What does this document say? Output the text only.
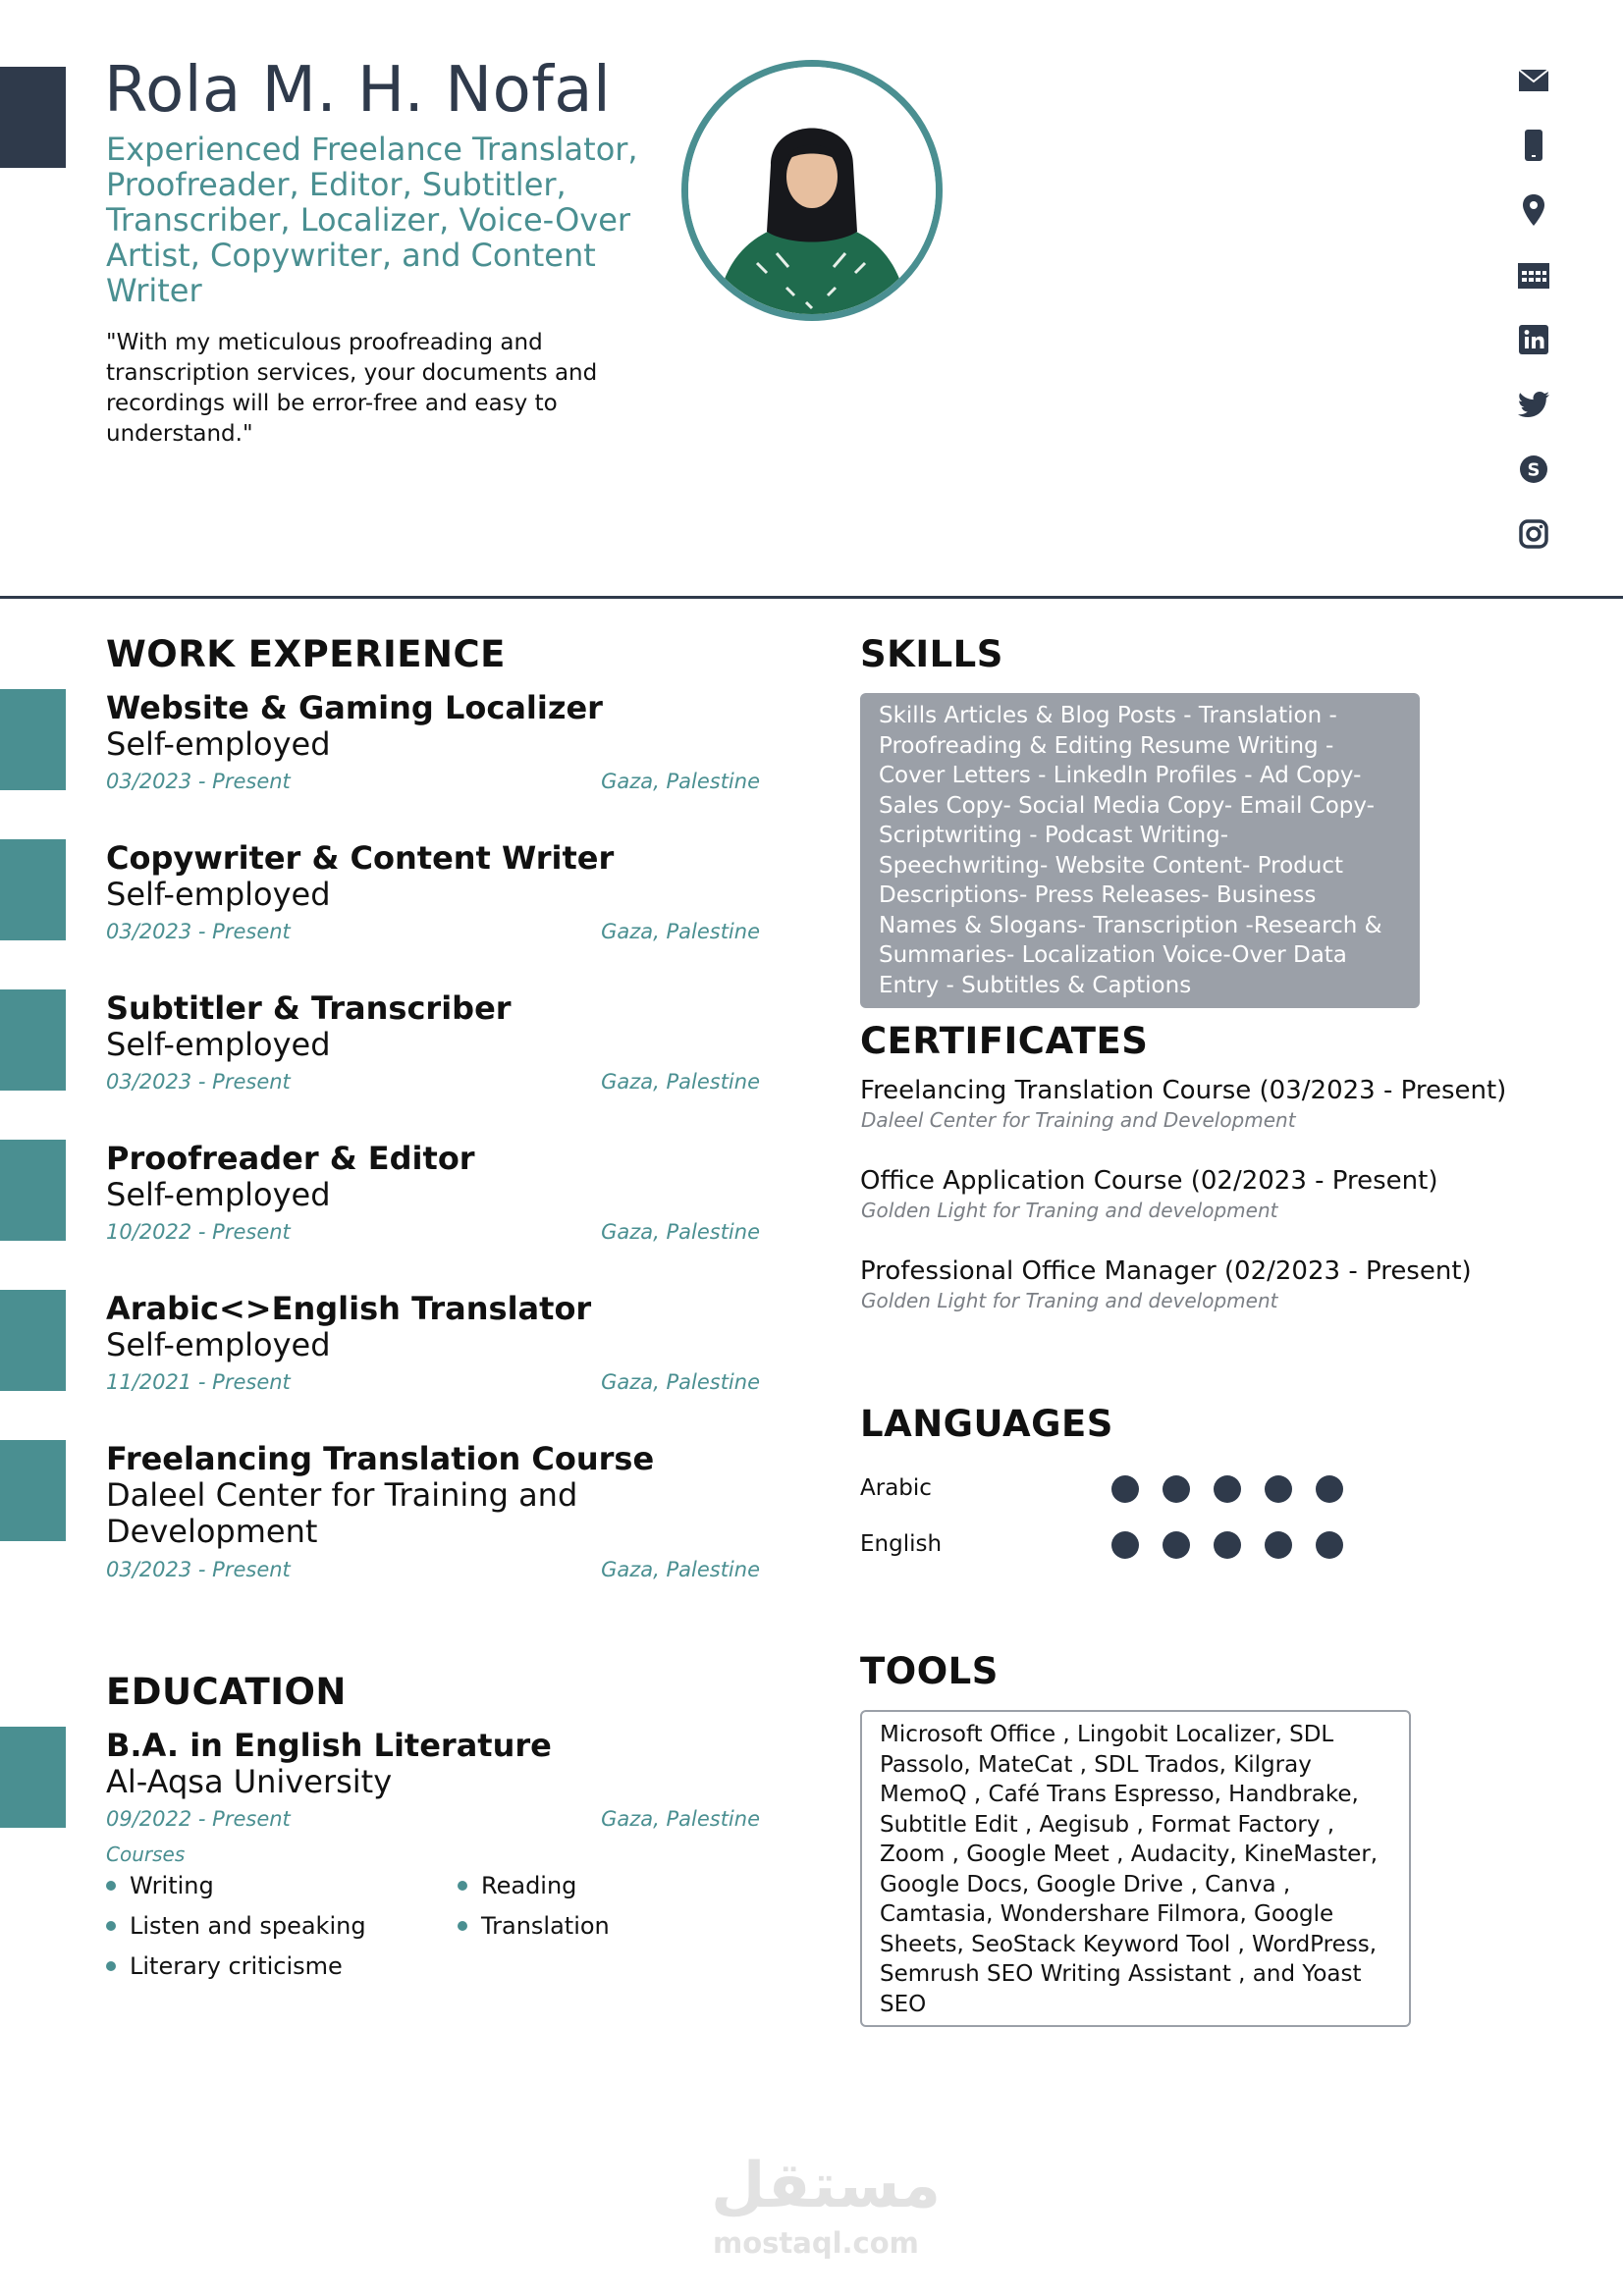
Rola M. H. Nofal
Experienced Freelance Translator, Proofreader, Editor, Subtitler, Transcriber, Localizer, Voice-Over Artist, Copywriter, and Content Writer
"With my meticulous proofreading and transcription services, your documents and recordings will be error-free and easy to understand."
S
WORK EXPERIENCE
Website & Gaming Localizer
Self-employed
03/2023 - Present	Gaza, Palestine
Copywriter & Content Writer
Self-employed
03/2023 - Present	Gaza, Palestine
Subtitler & Transcriber
Self-employed
03/2023 - Present	Gaza, Palestine
Proofreader & Editor
Self-employed
10/2022 - Present	Gaza, Palestine
Arabic<>English Translator
Self-employed
11/2021 - Present	Gaza, Palestine
Freelancing Translation Course
Daleel Center for Training and Development
03/2023 - Present	Gaza, Palestine
EDUCATION
B.A. in English Literature
Al-Aqsa University
09/2022 - Present	Gaza, Palestine
Courses
Writing	Reading
Listen and speaking	Translation
Literary criticisme
SKILLS
Skills Articles & Blog Posts - Translation - Proofreading & Editing Resume Writing - Cover Letters - LinkedIn Profiles - Ad Copy- Sales Copy- Social Media Copy- Email Copy- Scriptwriting - Podcast Writing- Speechwriting- Website Content- Product Descriptions- Press Releases- Business Names & Slogans- Transcription -Research & Summaries- Localization Voice-Over Data Entry - Subtitles & Captions
CERTIFICATES
Freelancing Translation Course (03/2023 - Present)
Daleel Center for Training and Development
Office Application Course (02/2023 - Present)
Golden Light for Traning and development
Professional Office Manager (02/2023 - Present)
Golden Light for Traning and development
LANGUAGES
Arabic
English
TOOLS
Microsoft Office , Lingobit Localizer, SDL Passolo, MateCat , SDL Trados, Kilgray MemoQ , Café Trans Espresso, Handbrake, Subtitle Edit , Aegisub , Format Factory , Zoom , Google Meet , Audacity, KineMaster, Google Docs, Google Drive , Canva , Camtasia, Wondershare Filmora, Google Sheets, SeoStack Keyword Tool , WordPress, Semrush SEO Writing Assistant , and Yoast SEO
مستقل
mostaql.com
